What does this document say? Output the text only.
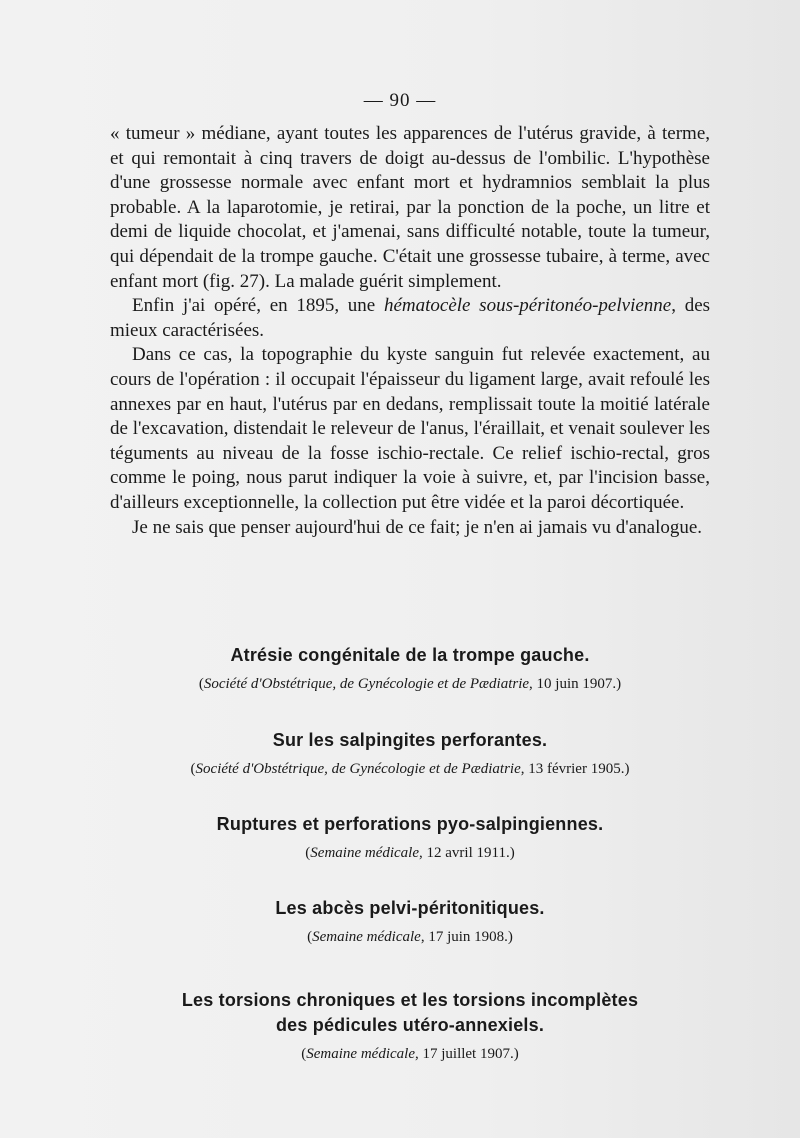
— 90 —

« tumeur » médiane, ayant toutes les apparences de l'utérus gravide, à terme, et qui remontait à cinq travers de doigt au-dessus de l'ombilic. L'hypothèse d'une grossesse normale avec enfant mort et hydramnios semblait la plus probable. A la laparotomie, je retirai, par la ponction de la poche, un litre et demi de liquide chocolat, et j'amenai, sans difficulté notable, toute la tumeur, qui dépendait de la trompe gauche. C'était une grossesse tubaire, à terme, avec enfant mort (fig. 27). La malade guérit simplement.

Enfin j'ai opéré, en 1895, une hématocèle sous-péritonéo-pelvienne, des mieux caractérisées.

Dans ce cas, la topographie du kyste sanguin fut relevée exactement, au cours de l'opération : il occupait l'épaisseur du ligament large, avait refoulé les annexes par en haut, l'utérus par en dedans, remplissait toute la moitié latérale de l'excavation, distendait le releveur de l'anus, l'éraillait, et venait soulever les téguments au niveau de la fosse ischio-rectale. Ce relief ischio-rectal, gros comme le poing, nous parut indiquer la voie à suivre, et, par l'incision basse, d'ailleurs exceptionnelle, la collection put être vidée et la paroi décortiquée.

Je ne sais que penser aujourd'hui de ce fait; je n'en ai jamais vu d'analogue.

Atrésie congénitale de la trompe gauche.
(Société d'Obstétrique, de Gynécologie et de Pædiatrie, 10 juin 1907.)
Sur les salpingites perforantes.
(Société d'Obstétrique, de Gynécologie et de Pædiatrie, 13 février 1905.)
Ruptures et perforations pyo-salpingiennes.
(Semaine médicale, 12 avril 1911.)
Les abcès pelvi-péritonitiques.
(Semaine médicale, 17 juin 1908.)
Les torsions chroniques et les torsions incomplètes
des pédicules utéro-annexiels.
(Semaine médicale, 17 juillet 1907.)
